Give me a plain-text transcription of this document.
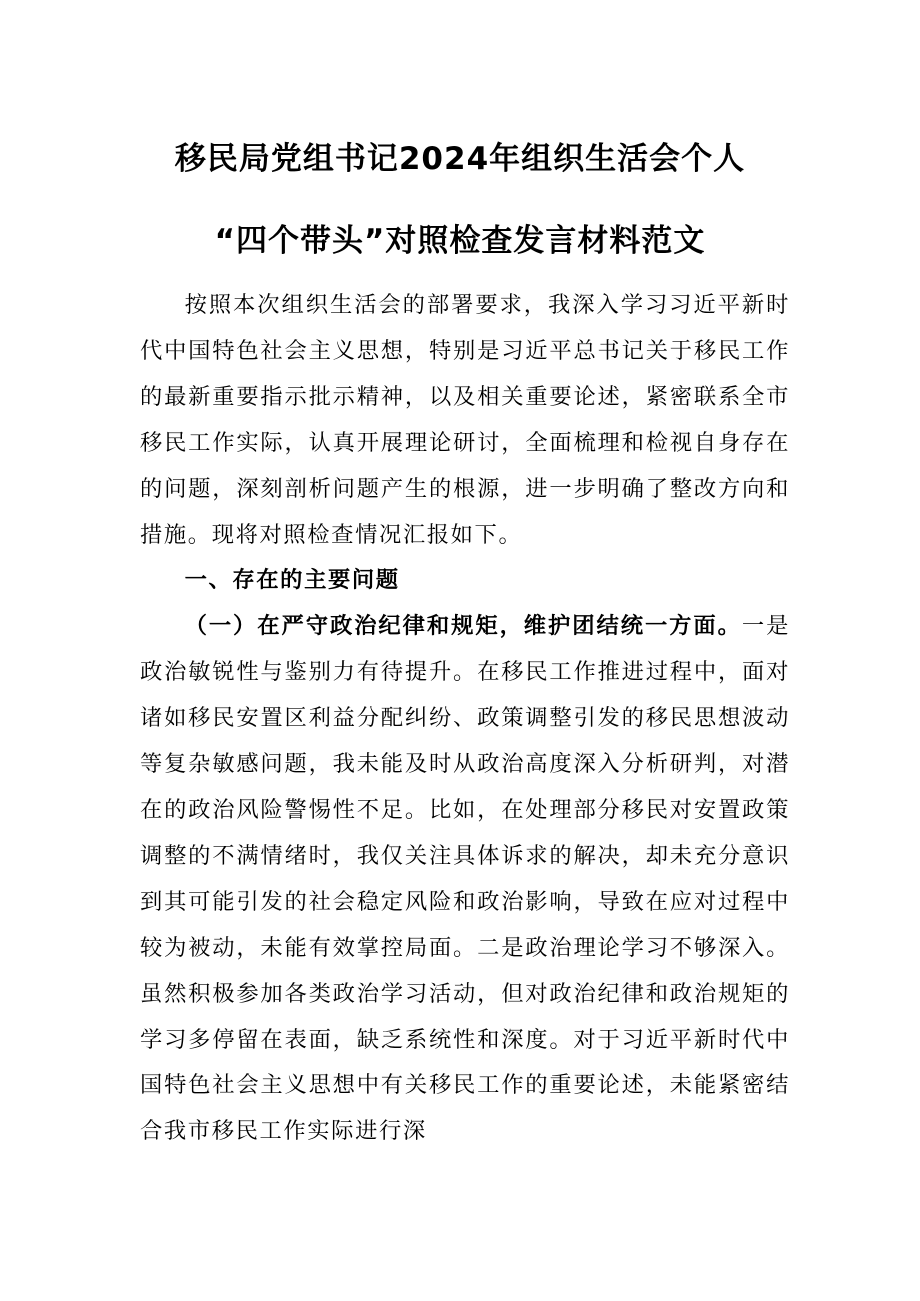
移民局党组书记2024年组织生活会个人
“四个带头”对照检查发言材料范文

按照本次组织生活会的部署要求，我深入学习习近平新时代中国特色社会主义思想，特别是习近平总书记关于移民工作的最新重要指示批示精神，以及相关重要论述，紧密联系全市移民工作实际，认真开展理论研讨，全面梳理和检视自身存在的问题，深刻剖析问题产生的根源，进一步明确了整改方向和措施。现将对照检查情况汇报如下。

一、存在的主要问题

（一）在严守政治纪律和规矩，维护团结统一方面。一是政治敏锐性与鉴别力有待提升。在移民工作推进过程中，面对诸如移民安置区利益分配纠纷、政策调整引发的移民思想波动等复杂敏感问题，我未能及时从政治高度深入分析研判，对潜在的政治风险警惕性不足。比如，在处理部分移民对安置政策调整的不满情绪时，我仅关注具体诉求的解决，却未充分意识到其可能引发的社会稳定风险和政治影响，导致在应对过程中较为被动，未能有效掌控局面。二是政治理论学习不够深入。虽然积极参加各类政治学习活动，但对政治纪律和政治规矩的学习多停留在表面，缺乏系统性和深度。对于习近平新时代中国特色社会主义思想中有关移民工作的重要论述，未能紧密结合我市移民工作实际进行深
